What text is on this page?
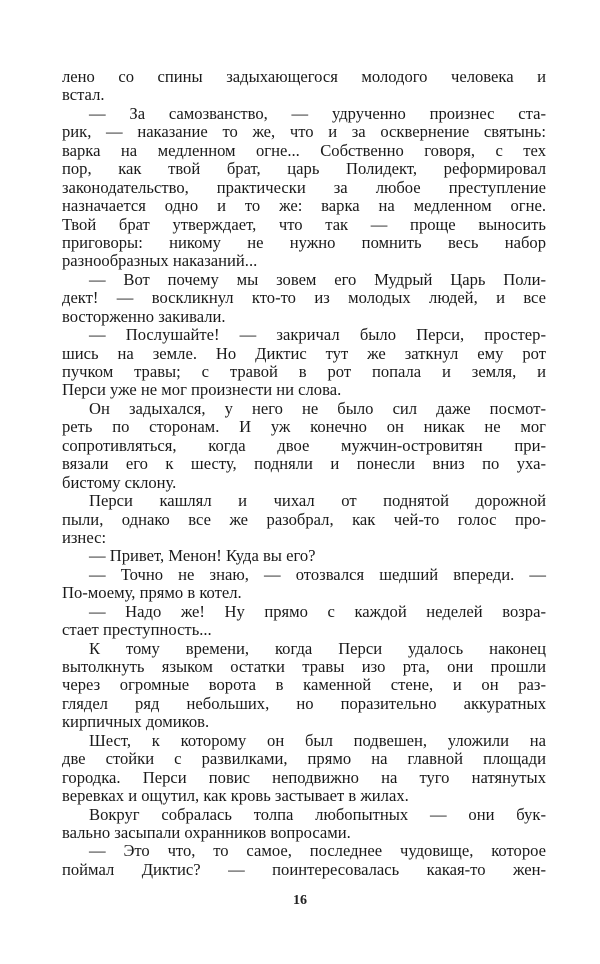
лено со спины задыхающегося молодого человека и
встал.
— За самозванство, — удрученно произнес ста-
рик, — наказание то же, что и за осквернение святынь:
варка на медленном огне... Собственно говоря, с тех
пор, как твой брат, царь Полидект, реформировал
законодательство, практически за любое преступление
назначается одно и то же: варка на медленном огне.
Твой брат утверждает, что так — проще выносить
приговоры: никому не нужно помнить весь набор
разнообразных наказаний...
— Вот почему мы зовем его Мудрый Царь Поли-
дект! — воскликнул кто-то из молодых людей, и все
восторженно закивали.
— Послушайте! — закричал было Перси, простер-
шись на земле. Но Диктис тут же заткнул ему рот
пучком травы; с травой в рот попала и земля, и
Перси уже не мог произнести ни слова.
Он задыхался, у него не было сил даже посмот-
реть по сторонам. И уж конечно он никак не мог
сопротивляться, когда двое мужчин-островитян при-
вязали его к шесту, подняли и понесли вниз по уха-
бистому склону.
Перси кашлял и чихал от поднятой дорожной
пыли, однако все же разобрал, как чей-то голос про-
изнес:
— Привет, Менон! Куда вы его?
— Точно не знаю, — отозвался шедший впереди. —
По-моему, прямо в котел.
— Надо же! Ну прямо с каждой неделей возра-
стает преступность...
К тому времени, когда Перси удалось наконец
вытолкнуть языком остатки травы изо рта, они прошли
через огромные ворота в каменной стене, и он раз-
глядел ряд небольших, но поразительно аккуратных
кирпичных домиков.
Шест, к которому он был подвешен, уложили на
две стойки с развилками, прямо на главной площади
городка. Перси повис неподвижно на туго натянутых
веревках и ощутил, как кровь застывает в жилах.
Вокруг собралась толпа любопытных — они бук-
вально засыпали охранников вопросами.
— Это что, то самое, последнее чудовище, которое
поймал Диктис? — поинтересовалась какая-то жен-
16
